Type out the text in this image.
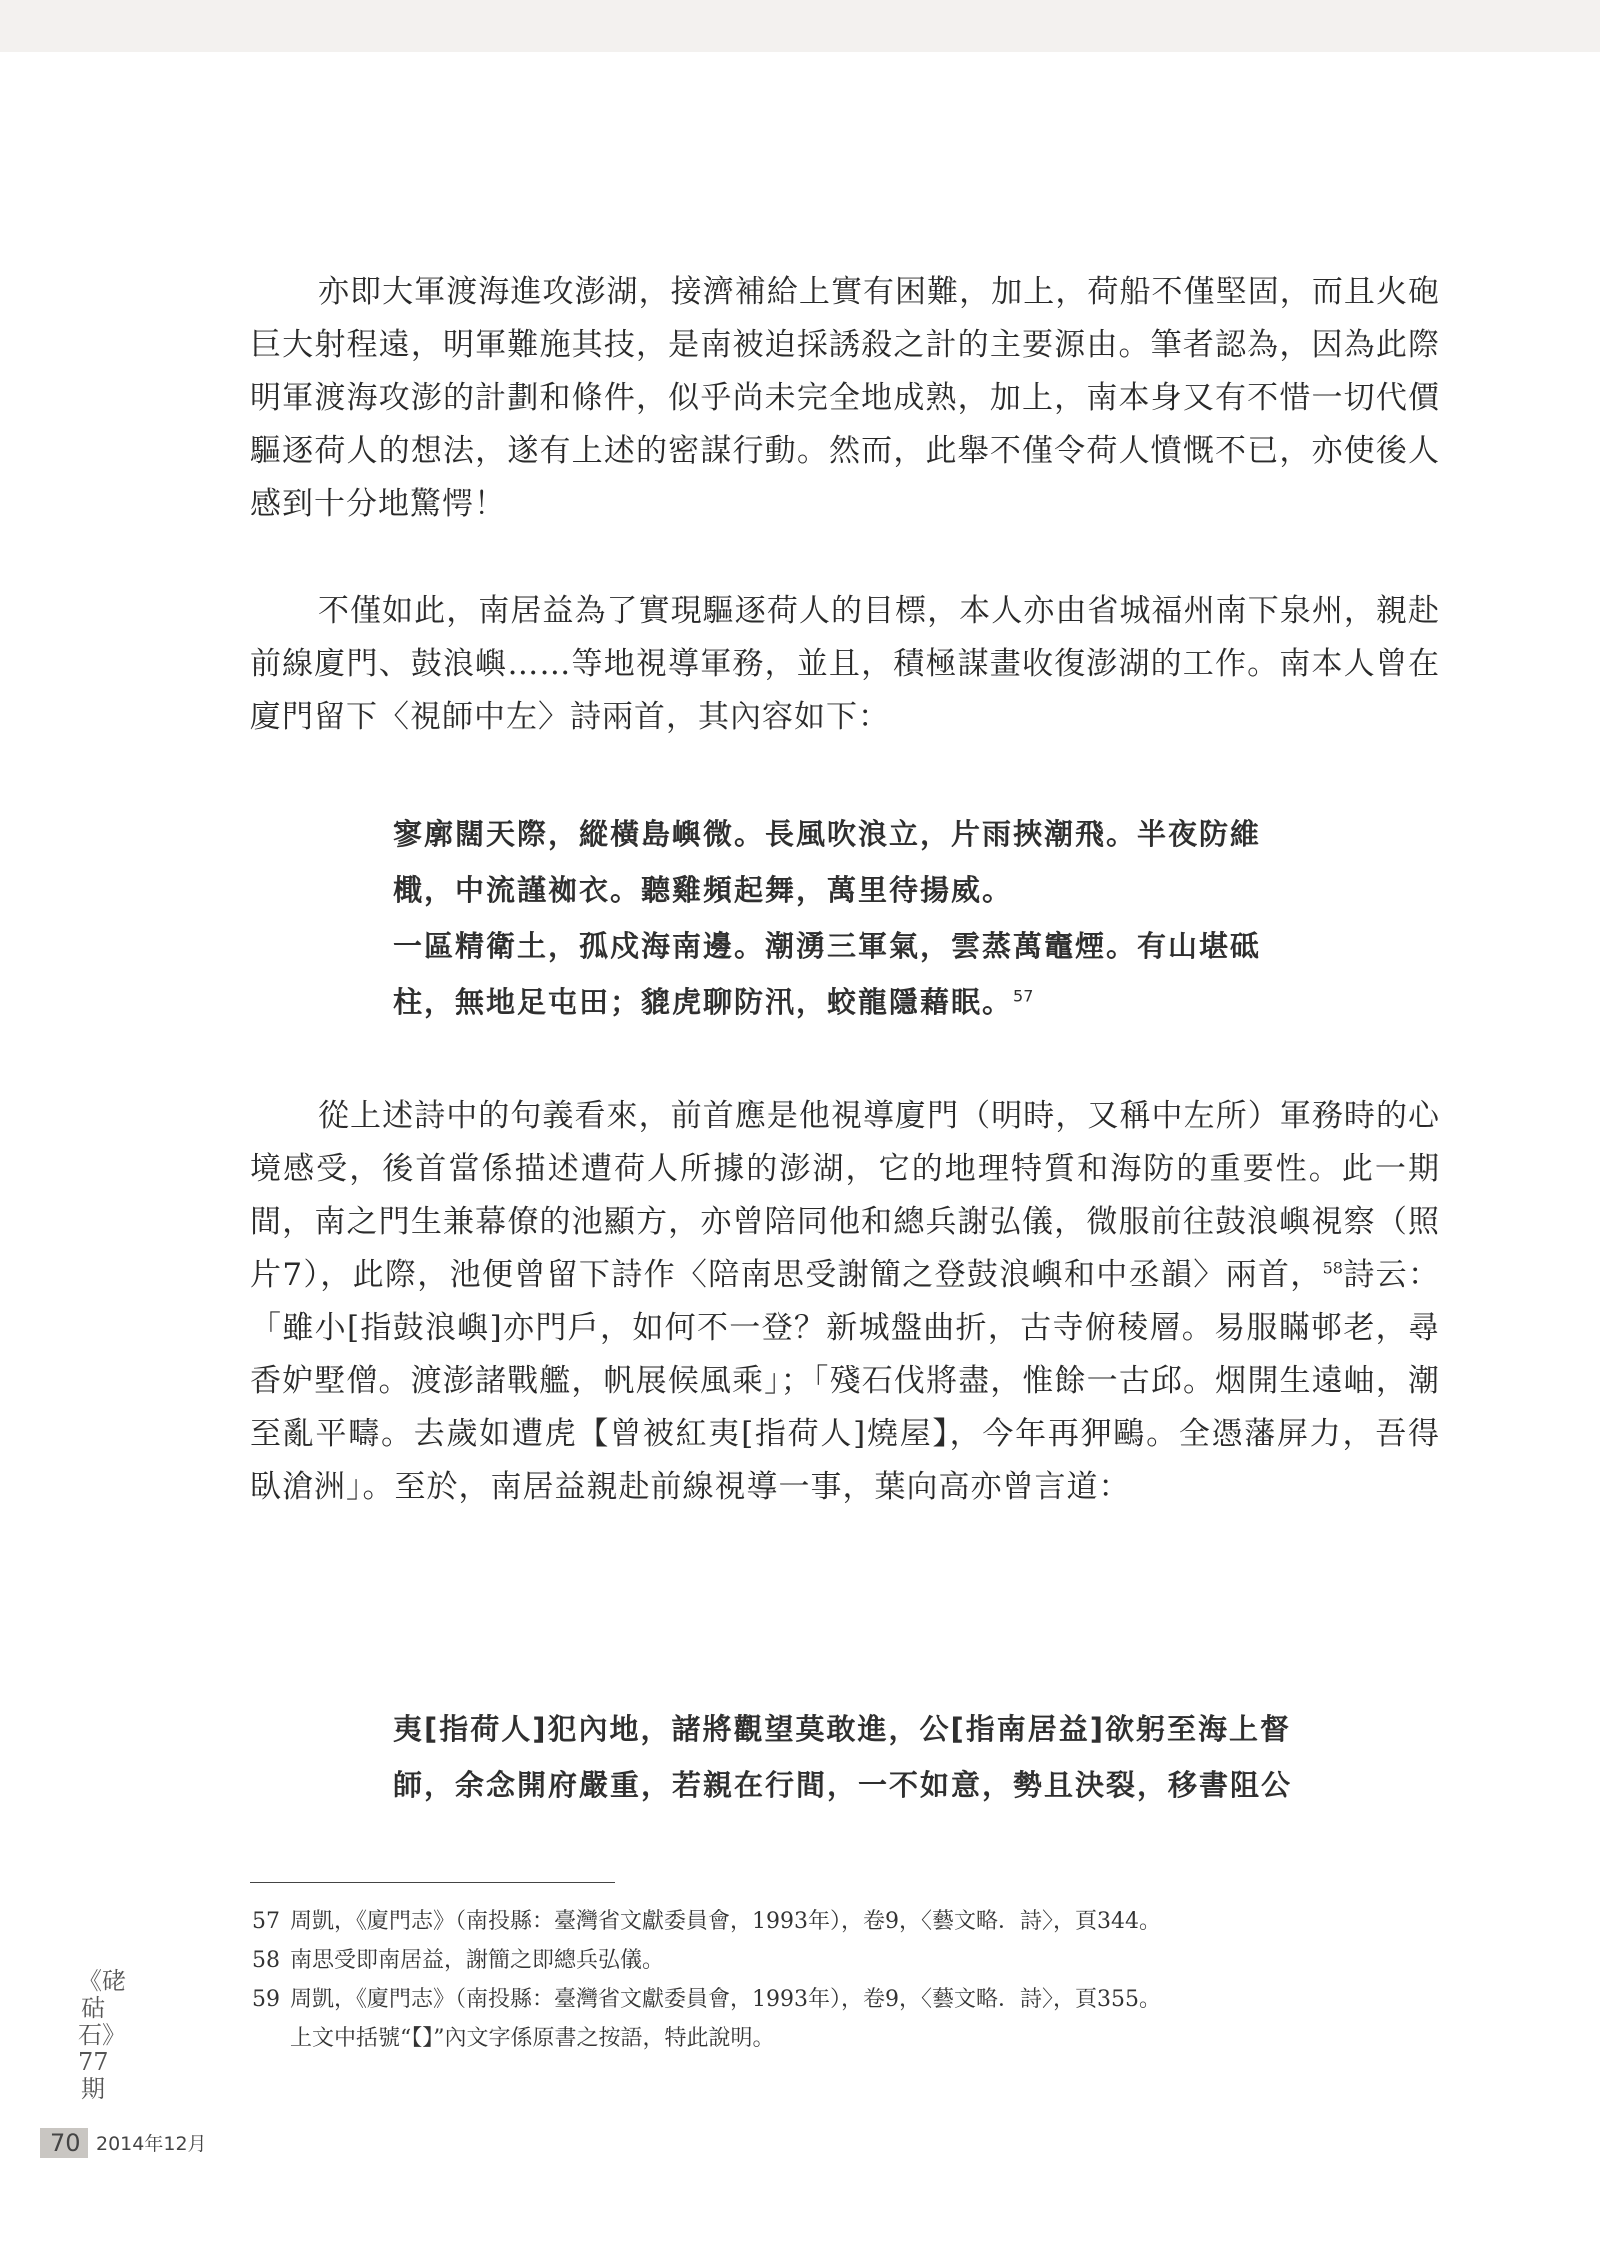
亦即大軍渡海進攻澎湖，接濟補給上實有困難，加上，荷船不僅堅固，而且火砲巨大射程遠，明軍難施其技，是南被迫採誘殺之計的主要源由。筆者認為，因為此際明軍渡海攻澎的計劃和條件，似乎尚未完全地成熟，加上，南本身又有不惜一切代價驅逐荷人的想法，遂有上述的密謀行動。然而，此舉不僅令荷人憤慨不已，亦使後人感到十分地驚愕！

不僅如此，南居益為了實現驅逐荷人的目標，本人亦由省城福州南下泉州，親赴前線廈門、鼓浪嶼……等地視導軍務，並且，積極謀畫收復澎湖的工作。南本人曾在廈門留下〈視師中左〉詩兩首，其內容如下：

寥廓闊天際，縱橫島嶼微。長風吹浪立，片雨挾潮飛。半夜防維
檝，中流謹袽衣。聽雞頻起舞，萬里待揚威。
一區精衛土，孤戍海南邊。潮湧三軍氣，雲蒸萬竈煙。有山堪砥
柱，無地足屯田；貔虎聊防汛，蛟龍隱藉眠。$^{57}$

從上述詩中的句義看來，前首應是他視導廈門（明時，又稱中左所）軍務時的心境感受，後首當係描述遭荷人所據的澎湖，它的地理特質和海防的重要性。此一期間，南之門生兼幕僚的池顯方，亦曾陪同他和總兵謝弘儀，微服前往鼓浪嶼視察（照片7），此際，池便曾留下詩作〈陪南思受謝簡之登鼓浪嶼和中丞韻〉兩首，$^{58}$詩云：「雖小[指鼓浪嶼]亦門戶，如何不一登？新城盤曲折，古寺俯稜層。易服瞞邨老，尋香妒墅僧。渡澎諸戰艦，帆展候風乘」；「殘石伐將盡，惟餘一古邱。烟開生遠岫，潮至亂平疇。去歲如遭虎【曾被紅夷[指荷人]燒屋】，今年再狎鷗。全憑藩屏力，吾得臥滄洲」。至於，南居益親赴前線視導一事，葉向高亦曾言道：

夷[指荷人]犯內地，諸將觀望莫敢進，公[指南居益]欲躬至海上督
師，余念開府嚴重，若親在行間，一不如意，勢且決裂，移書阻公
57 周凱，《廈門志》（南投縣：臺灣省文獻委員會，1993年），卷9，〈藝文略．詩〉，頁344。
58 南思受即南居益，謝簡之即總兵弘儀。
59 周凱，《廈門志》（南投縣：臺灣省文獻委員會，1993年），卷9，〈藝文略．詩〉，頁355。
上文中括號“【】”內文字係原書之按語，特此說明。
《硓𥑮石》77期
70 2014年12月
